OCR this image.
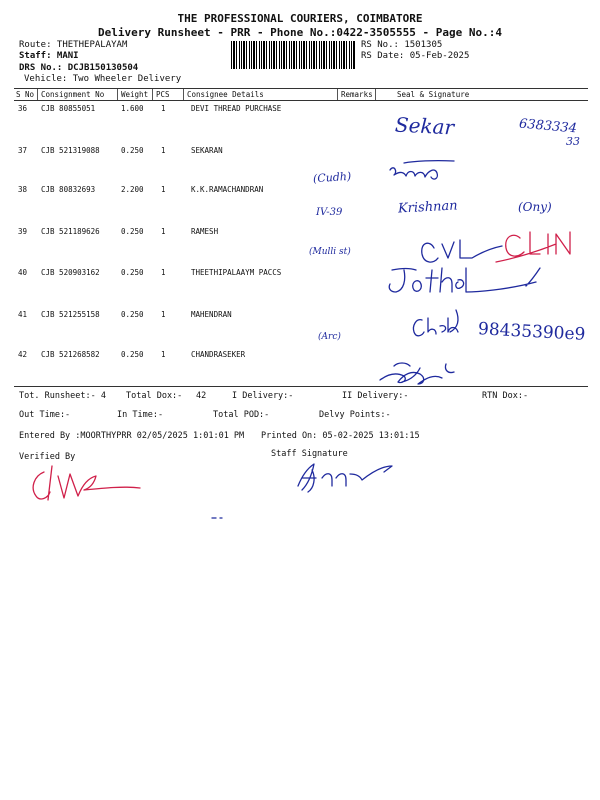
THE PROFESSIONAL COURIERS, COIMBATORE
Delivery Runsheet - PRR - Phone No.:0422-3505555 - Page No.:4
Route: THETHEPALAYAM
Staff: MANI
DRS No.: DCJB150130504
Vehicle: Two Wheeler Delivery
RS No.: 1501305
RS Date: 05-Feb-2025
S No Consignment No Weight PCS Consignee Details	Remarks	Seal & Signature
36 CJB 80855051	1.600 1	DEVI THREAD PURCHASE
37 CJB 521319088	0.250 1	SEKARAN
38 CJB 80832693	2.200 1	K.K.RAMACHANDRAN
39 CJB 521189626	0.250 1	RAMESH
40 CJB 520903162	0.250 1	THEETHIPALAAYM PACCS
41 CJB 521255158	0.250 1	MAHENDRAN
42 CJB 521268582	0.250 1	CHANDRASEKER
Sekar	6383334
33
(Cudh)
IV-39	Krishnan	(Ony)
(Mulli st)
(Arc)	98435390e9
Tot. Runsheet:- 4 Total Dox:- 42	I Delivery:-	II Delivery:-	RTN Dox:-
Out Time:-	In Time:-	Total POD:-	Delvy Points:-
Entered By :MOORTHYPRR 02/05/2025 1:01:01 PM Printed On: 05-02-2025 13:01:15
Verified By	Staff Signature
